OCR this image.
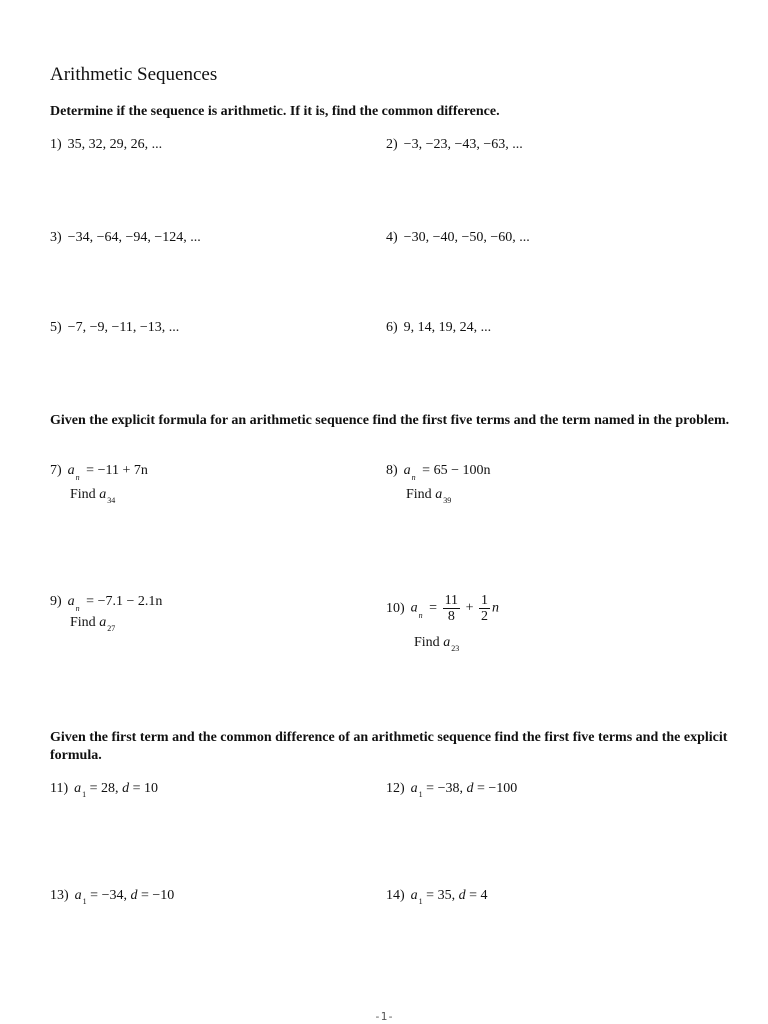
Arithmetic Sequences
Determine if the sequence is arithmetic. If it is, find the common difference.
1) 35, 32, 29, 26, ...	2) −3, −23, −43, −63, ...
3) −34, −64, −94, −124, ...	4) −30, −40, −50, −60, ...
5) −7, −9, −11, −13, ...	6) 9, 14, 19, 24, ...
Given the explicit formula for an arithmetic sequence find the first five terms and the term named in the problem.
7) $a_n = -11 + 7n$
Find $a_{34}$
8) $a_n = 65 - 100n$
Find $a_{39}$
9) $a_n = -7.1 - 2.1n$
Find $a_{27}$
10) $a_n = \frac{11}{8} + \frac{1}{2}$ n
Find $a_{23}$
Given the first term and the common difference of an arithmetic sequence find the first five terms and the explicit formula.
11) $a_1 = 28$, d = 10	12) $a_1 = -38$, d = −100
13) $a_1 = -34$, d = −10	14) $a_1 = 35$, d = 4
-1-
